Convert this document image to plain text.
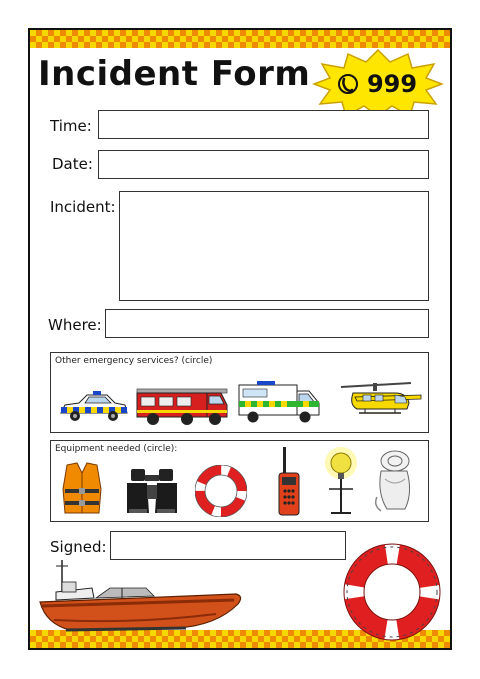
Incident Form 999
Time:
Date:
Incident:
Where:
Other emergency services? (circle)
Equipment needed (circle):
Signed:
